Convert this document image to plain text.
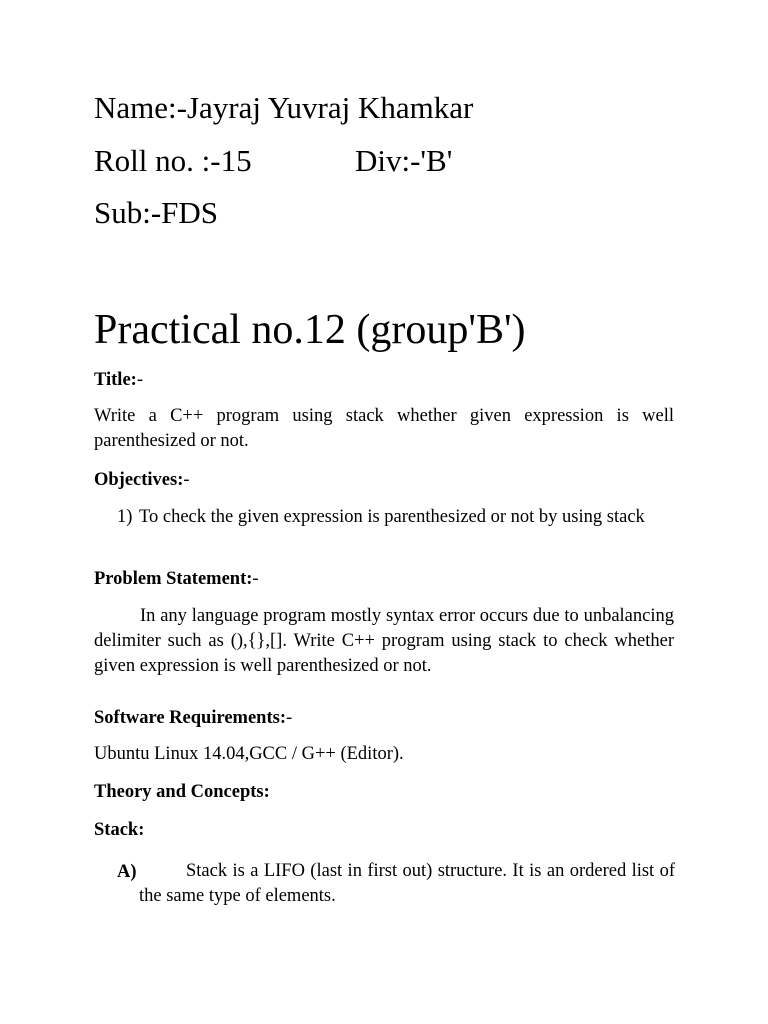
Name:-Jayraj Yuvraj Khamkar
Roll no. :-15	Div:-'B'
Sub:-FDS
Practical no.12 (group'B')
Title:-
Write a C++ program using stack whether given expression is well parenthesized or not.
Objectives:-
1) To check the given expression is parenthesized or not by using stack
Problem Statement:-
In any language program mostly syntax error occurs due to unbalancing delimiter such as (),{},[]. Write C++ program using stack to check whether given expression is well parenthesized or not.
Software Requirements:-
Ubuntu Linux 14.04,GCC / G++ (Editor).
Theory and Concepts:
Stack:
A)	Stack is a LIFO (last in first out) structure. It is an ordered list of the same type of elements.
